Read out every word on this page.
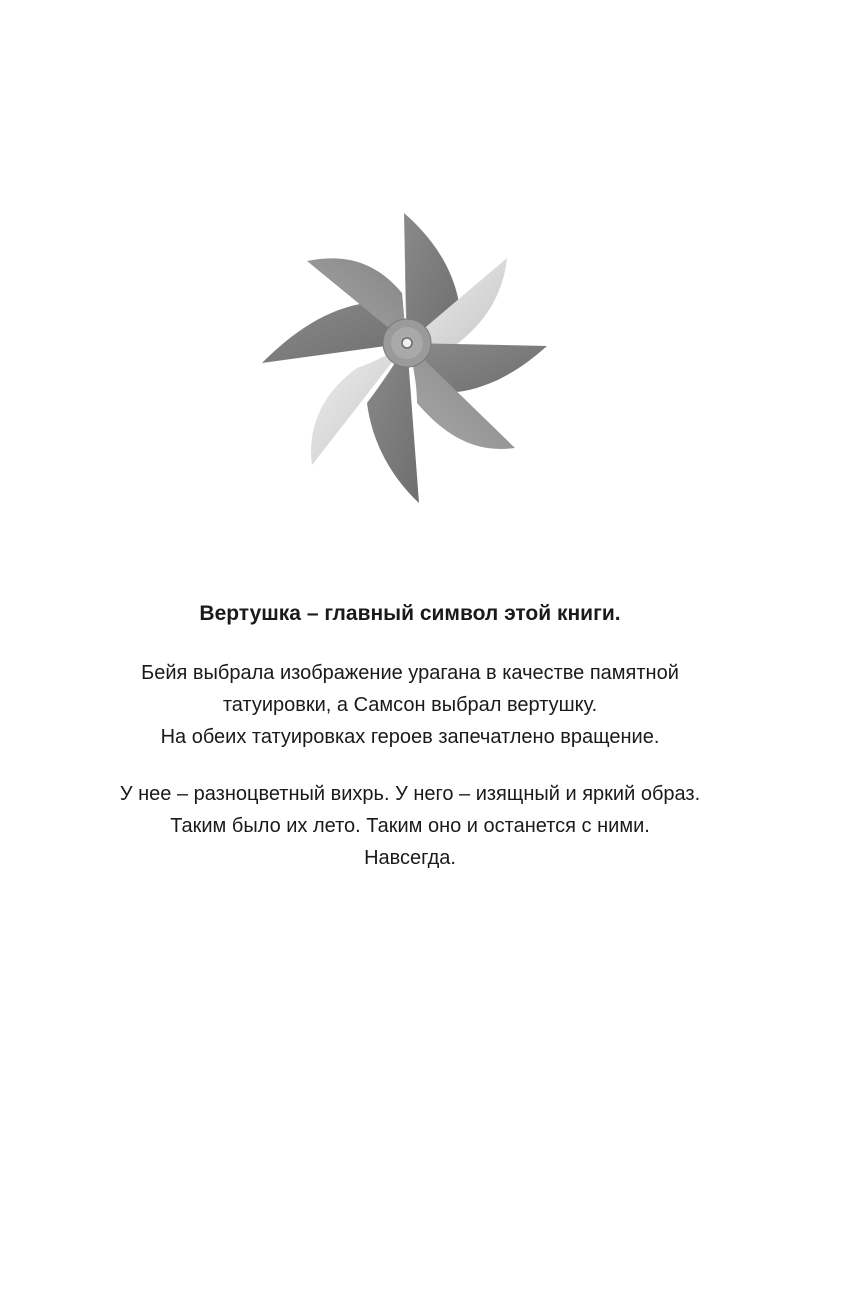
Вертушка – главный символ этой книги.

Бейя выбрала изображение урагана в качестве памятной

татуировки, а Самсон выбрал вертушку.

На обеих татуировках героев запечатлено вращение.

У нее – разноцветный вихрь. У него – изящный и яркий образ.

Таким было их лето. Таким оно и останется с ними.

Навсегда.
